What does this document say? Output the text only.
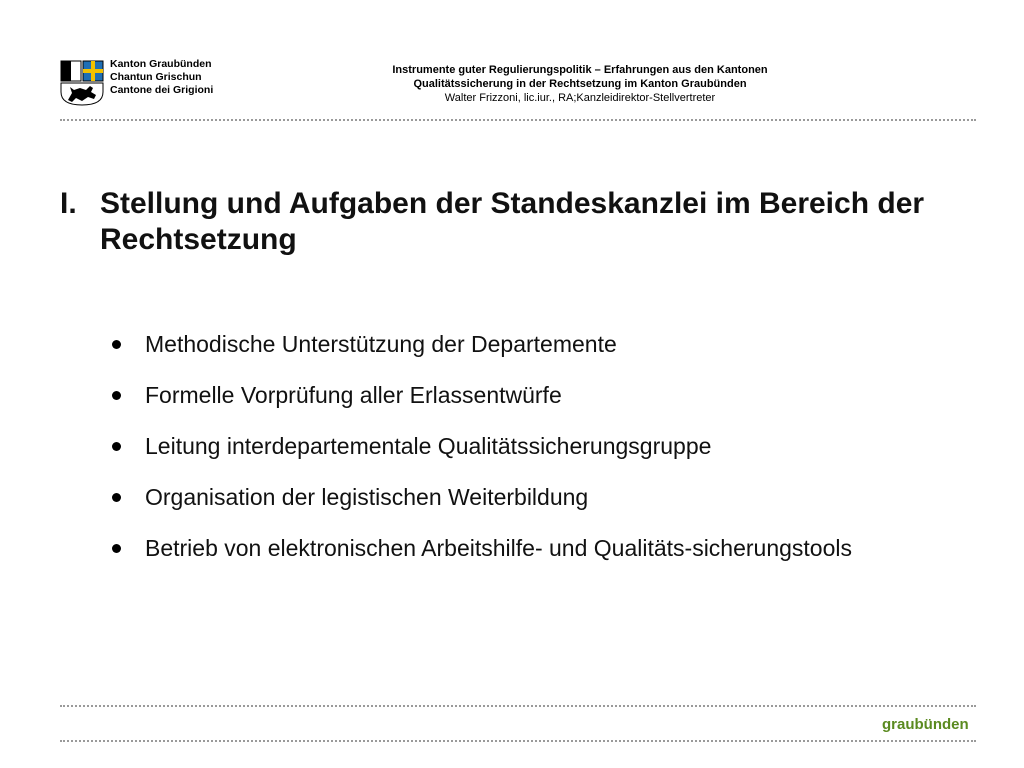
Kanton Graubünden
Chantun Grischun
Cantone dei Grigioni
Instrumente guter Regulierungspolitik – Erfahrungen aus den Kantonen
Qualitätssicherung in der Rechtsetzung im Kanton Graubünden
Walter Frizzoni, lic.iur., RA;Kanzleidirektor-Stellvertreter
I. Stellung und Aufgaben der Standeskanzlei im Bereich der Rechtsetzung
Methodische Unterstützung der Departemente
Formelle Vorprüfung aller Erlassentwürfe
Leitung interdepartementale Qualitätssicherungsgruppe
Organisation der legistischen Weiterbildung
Betrieb von elektronischen Arbeitshilfe- und Qualitäts-sicherungstools
graubünden
